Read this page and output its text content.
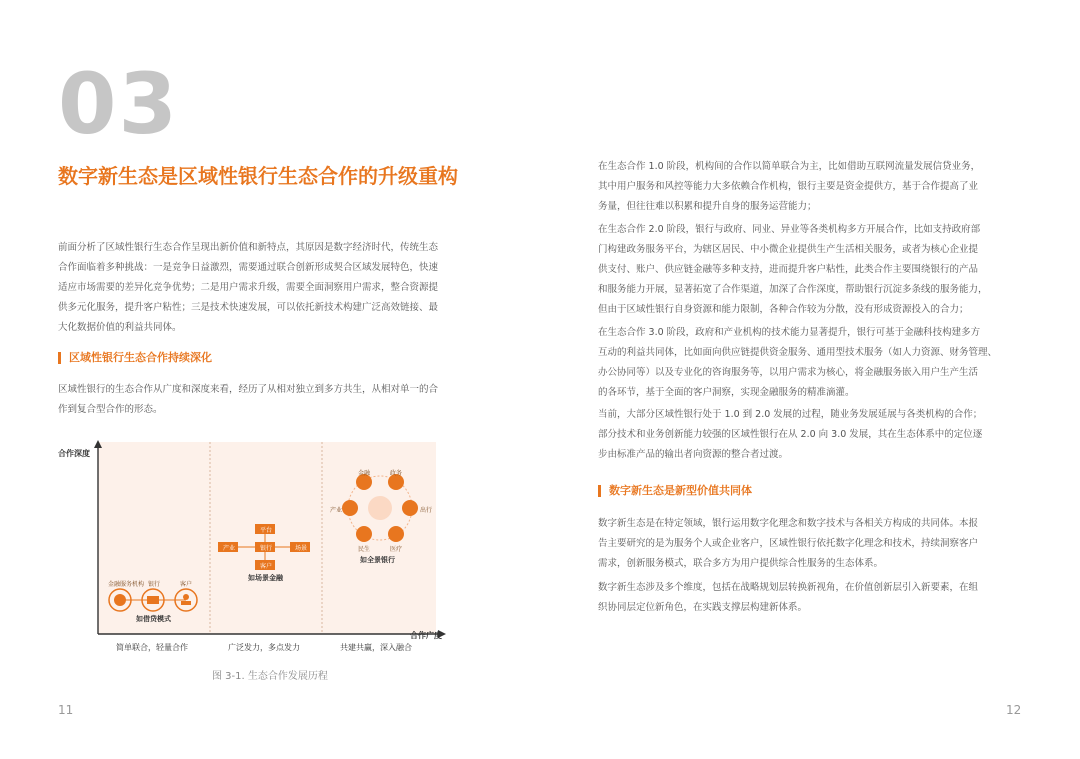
03
数字新生态是区域性银行生态合作的升级重构
前面分析了区域性银行生态合作呈现出新价值和新特点，其原因是数字经济时代，传统生态
合作面临着多种挑战：一是竞争日益激烈，需要通过联合创新形成契合区域发展特色，快速
适应市场需要的差异化竞争优势；二是用户需求升级，需要全面洞察用户需求，整合资源提
供多元化服务，提升客户粘性；三是技术快速发展，可以依托新技术构建广泛高效链接、最
大化数据价值的利益共同体。
区域性银行生态合作持续深化
区域性银行的生态合作从广度和深度来看，经历了从相对独立到多方共生，从相对单一的合
作到复合型合作的形态。
合作深度
合作广度
金融服务机构 银行	客户
如借贷模式
平台
产业	银行
客户
场景
如场景金融
金融	政务
产业	出行
民生	医疗
如全景银行
简单联合，轻量合作	广泛发力，多点发力	共建共赢，深入融合
图 3-1. 生态合作发展历程
11
在生态合作 1.0 阶段，机构间的合作以简单联合为主，比如借助互联网流量发展信贷业务，
其中用户服务和风控等能力大多依赖合作机构，银行主要是资金提供方，基于合作提高了业
务量，但往往难以积累和提升自身的服务运营能力；
在生态合作 2.0 阶段，银行与政府、同业、异业等各类机构多方开展合作，比如支持政府部
门构建政务服务平台，为辖区居民、中小微企业提供生产生活相关服务，或者为核心企业提
供支付、账户、供应链金融等多种支持，进而提升客户粘性，此类合作主要围绕银行的产品
和服务能力开展，显著拓宽了合作渠道，加深了合作深度，帮助银行沉淀多条线的服务能力，
但由于区域性银行自身资源和能力限制，各种合作较为分散，没有形成资源投入的合力；
在生态合作 3.0 阶段，政府和产业机构的技术能力显著提升，银行可基于金融科技构建多方
互动的利益共同体，比如面向供应链提供资金服务、通用型技术服务（如人力资源、财务管理、
办公协同等）以及专业化的咨询服务等，以用户需求为核心，将金融服务嵌入用户生产生活
的各环节，基于全面的客户洞察，实现金融服务的精准滴灌。
当前，大部分区域性银行处于 1.0 到 2.0 发展的过程，随业务发展延展与各类机构的合作；
部分技术和业务创新能力较强的区域性银行在从 2.0 向 3.0 发展，其在生态体系中的定位逐
步由标准产品的输出者向资源的整合者过渡。
数字新生态是新型价值共同体
数字新生态是在特定领域，银行运用数字化理念和数字技术与各相关方构成的共同体。本报
告主要研究的是为服务个人或企业客户，区域性银行依托数字化理念和技术，持续洞察客户
需求，创新服务模式，联合多方为用户提供综合性服务的生态体系。
数字新生态涉及多个维度，包括在战略规划层转换新视角，在价值创新层引入新要素，在组
织协同层定位新角色，在实践支撑层构建新体系。
12
